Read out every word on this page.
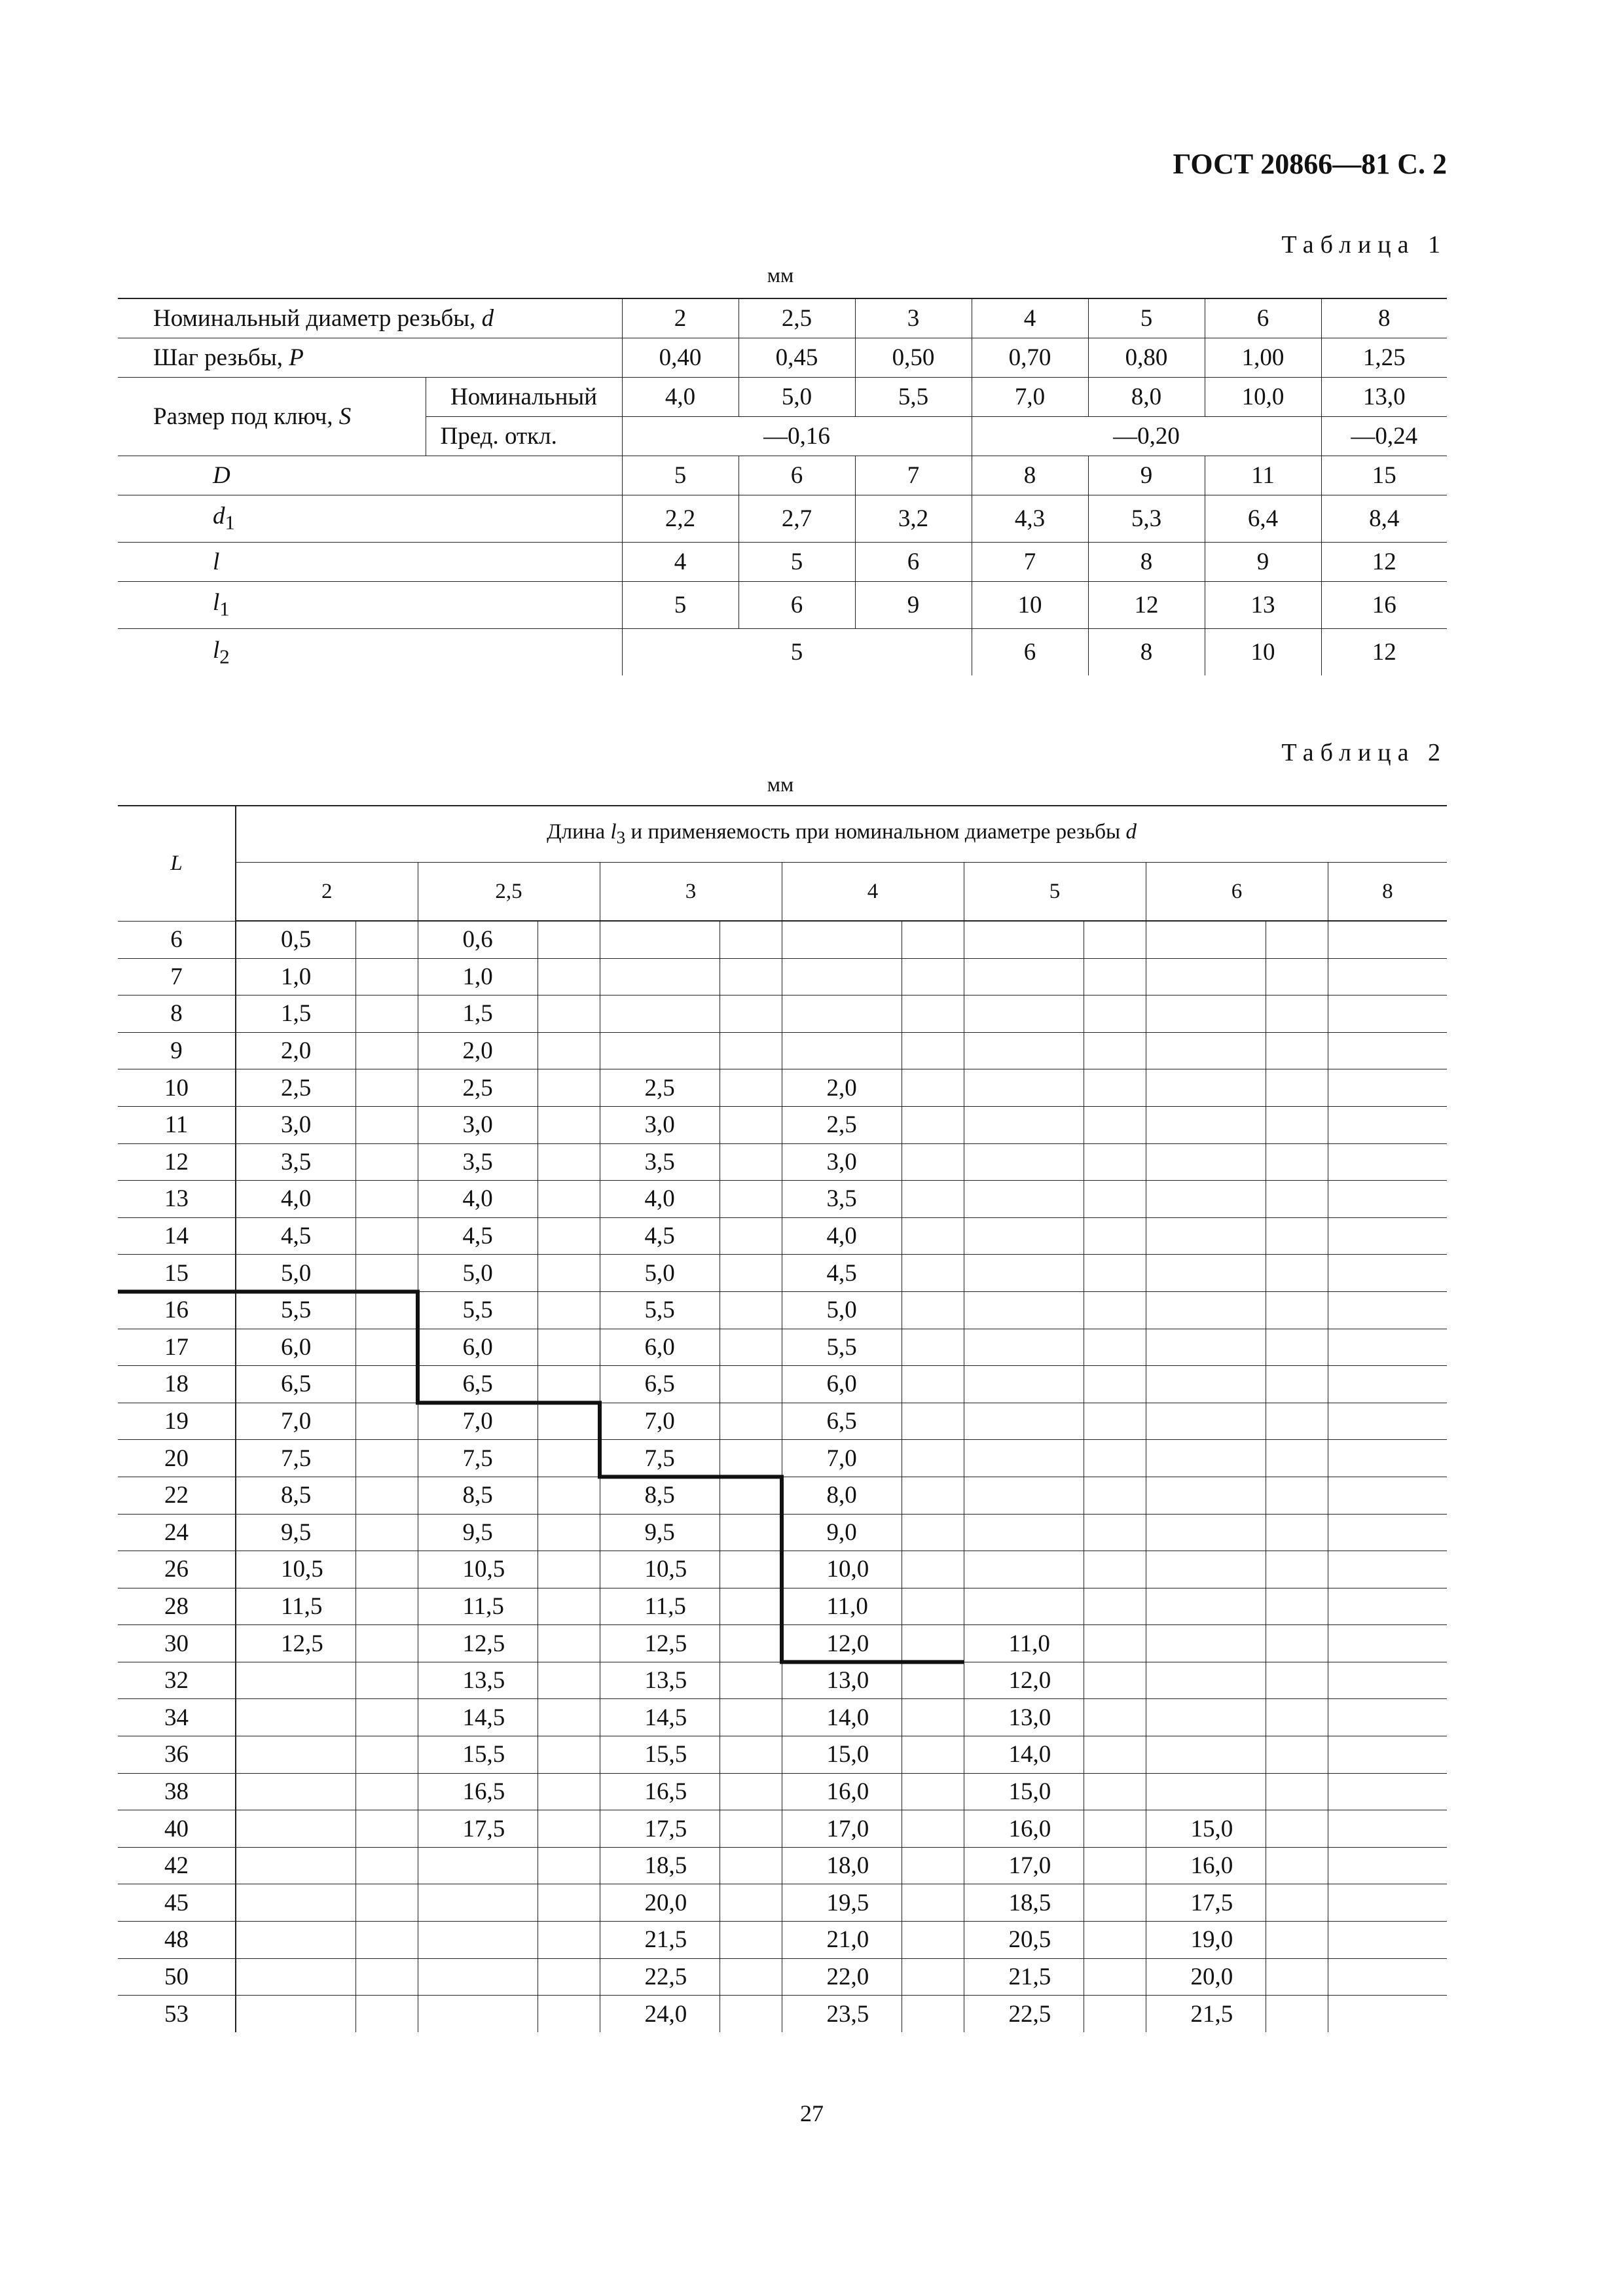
ГОСТ 20866—81 С. 2
Таблица 1
мм
Номинальный диаметр резьбы, d		2	2,5	3	4	5	6	8
Шаг резьбы, P		0,40	0,45	0,50	0,70	0,80	1,00	1,25
Размер под ключ, S	Номинальный	4,0	5,0	5,5	7,0	8,0	10,0	13,0
	Пред. откл.	—0,16			—0,20			—0,24
D		5	6	7	8	9	11	15
$d_1$		2,2	2,7	3,2	4,3	5,3	6,4	8,4
l		4	5	6	7	8	9	12
$l_1$		5	6	9	10	12	13	16
$l_2$		5			6	8	10	12
Таблица 2
мм
L	Длина $l_3$ и применяемость при номинальном диаметре резьбы d												
	2		2,5		3		4		5		6		8
6	0,5		0,6										
7	1,0		1,0										
8	1,5		1,5										
9	2,0		2,0										
10	2,5		2,5		2,5		2,0						
11	3,0		3,0		3,0		2,5						
12	3,5		3,5		3,5		3,0						
13	4,0		4,0		4,0		3,5						
14	4,5		4,5		4,5		4,0						
15	5,0		5,0		5,0		4,5						
16	5,5		5,5		5,5		5,0						
17	6,0		6,0		6,0		5,5						
18	6,5		6,5		6,5		6,0						
19	7,0		7,0		7,0		6,5						
20	7,5		7,5		7,5		7,0						
22	8,5		8,5		8,5		8,0						
24	9,5		9,5		9,5		9,0						
26	10,5		10,5		10,5		10,0						
28	11,5		11,5		11,5		11,0						
30	12,5		12,5		12,5		12,0		11,0				
32			13,5		13,5		13,0		12,0				
34			14,5		14,5		14,0		13,0				
36			15,5		15,5		15,0		14,0				
38			16,5		16,5		16,0		15,0				
40			17,5		17,5		17,0		16,0		15,0		
42					18,5		18,0		17,0		16,0		
45					20,0		19,5		18,5		17,5		
48					21,5		21,0		20,5		19,0		
50					22,5		22,0		21,5		20,0		
53					24,0		23,5		22,5		21,5		
27
